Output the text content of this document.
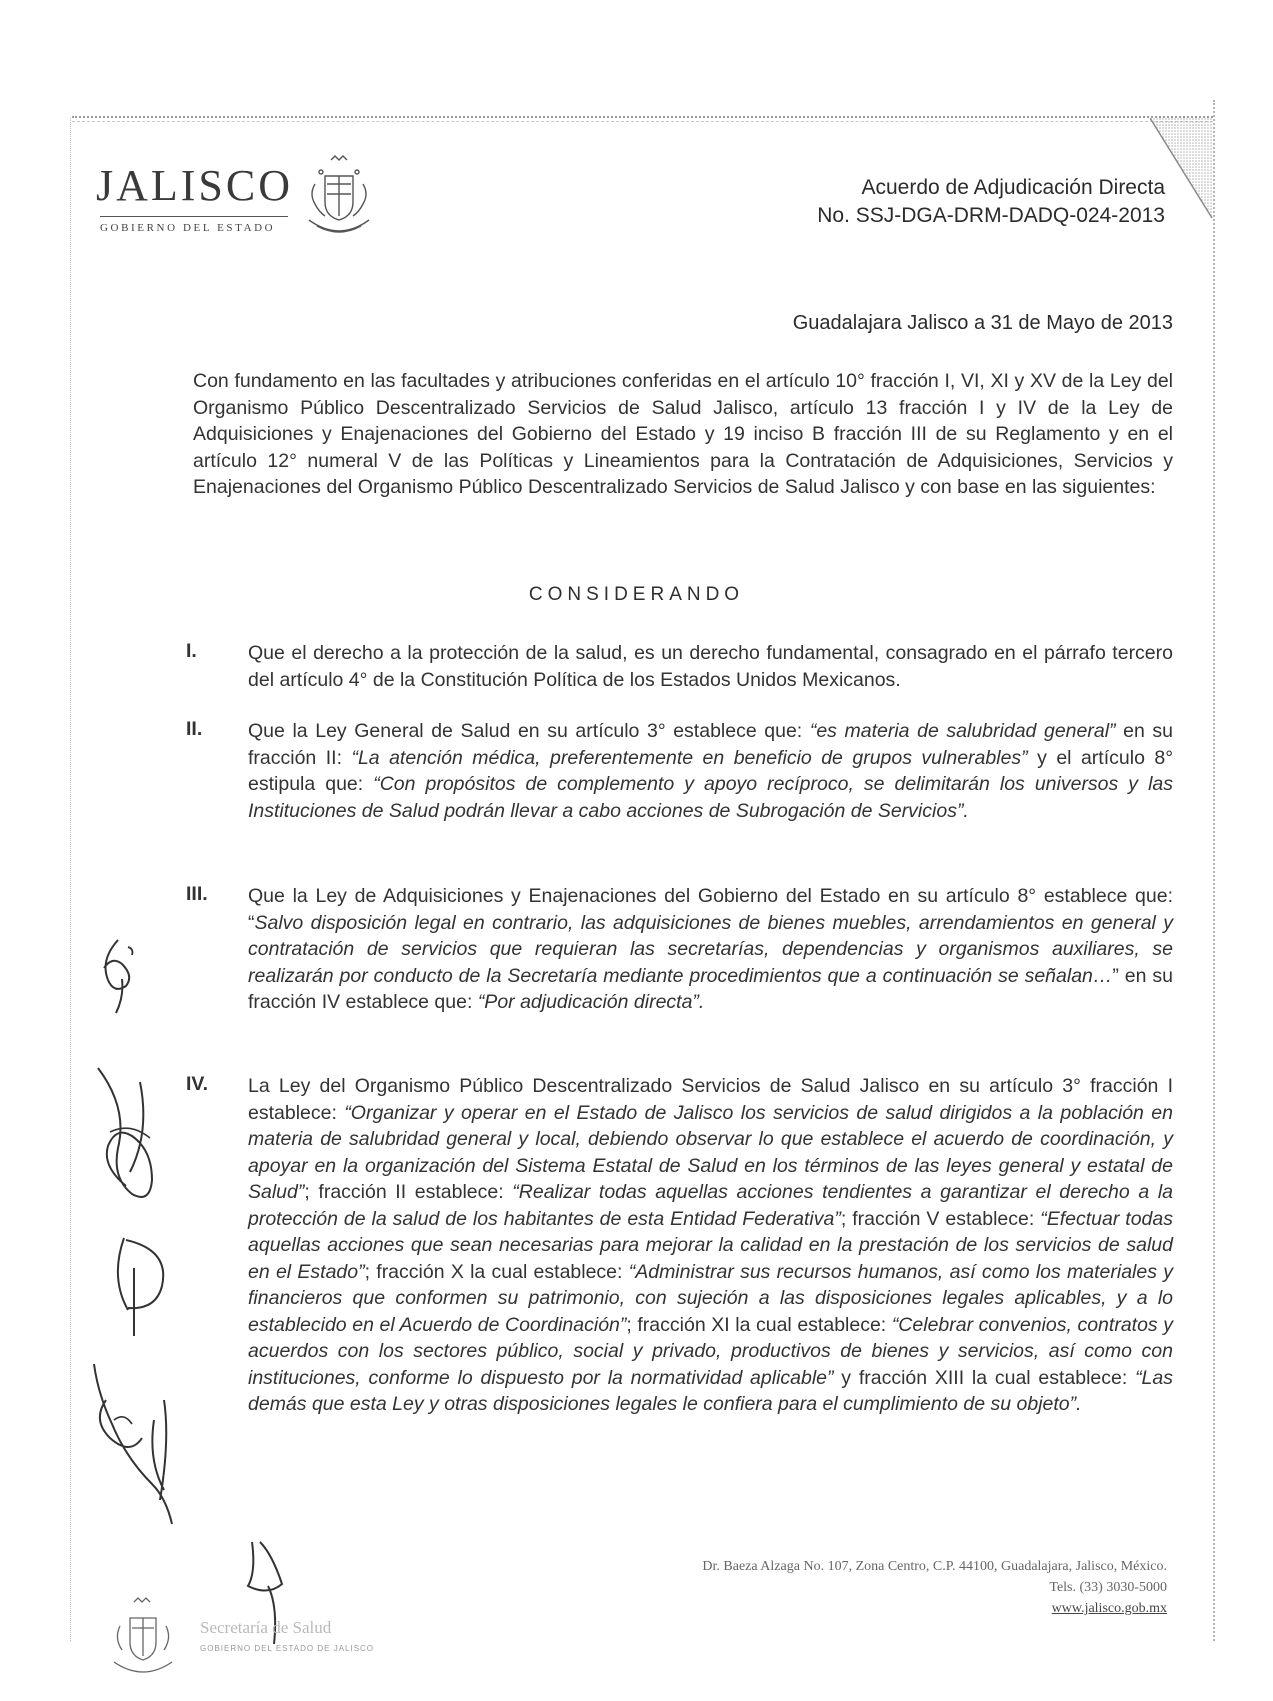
JALISCO
GOBIERNO DEL ESTADO
Acuerdo de Adjudicación Directa
No. SSJ-DGA-DRM-DADQ-024-2013
Guadalajara Jalisco a 31 de Mayo de 2013
Con fundamento en las facultades y atribuciones conferidas en el artículo 10° fracción I, VI, XI y XV de la Ley del Organismo Público Descentralizado Servicios de Salud Jalisco, artículo 13 fracción I y IV de la Ley de Adquisiciones y Enajenaciones del Gobierno del Estado y 19 inciso B fracción III de su Reglamento y en el artículo 12° numeral V de las Políticas y Lineamientos para la Contratación de Adquisiciones, Servicios y Enajenaciones del Organismo Público Descentralizado Servicios de Salud Jalisco y con base en las siguientes:
CONSIDERANDO
I.	Que el derecho a la protección de la salud, es un derecho fundamental, consagrado en el párrafo tercero del artículo 4° de la Constitución Política de los Estados Unidos Mexicanos.
II. Que la Ley General de Salud en su artículo 3° establece que: “es materia de salubridad general” en su fracción II: “La atención médica, preferentemente en beneficio de grupos vulnerables” y el artículo 8° estipula que: “Con propósitos de complemento y apoyo recíproco, se delimitarán los universos y las Instituciones de Salud podrán llevar a cabo acciones de Subrogación de Servicios”.
III. Que la Ley de Adquisiciones y Enajenaciones del Gobierno del Estado en su artículo 8° establece que: “Salvo disposición legal en contrario, las adquisiciones de bienes muebles, arrendamientos en general y contratación de servicios que requieran las secretarías, dependencias y organismos auxiliares, se realizarán por conducto de la Secretaría mediante procedimientos que a continuación se señalan…” en su fracción IV establece que: “Por adjudicación directa”.
IV. La Ley del Organismo Público Descentralizado Servicios de Salud Jalisco en su artículo 3° fracción I establece: “Organizar y operar en el Estado de Jalisco los servicios de salud dirigidos a la población en materia de salubridad general y local, debiendo observar lo que establece el acuerdo de coordinación, y apoyar en la organización del Sistema Estatal de Salud en los términos de las leyes general y estatal de Salud”; fracción II establece: “Realizar todas aquellas acciones tendientes a garantizar el derecho a la protección de la salud de los habitantes de esta Entidad Federativa”; fracción V establece: “Efectuar todas aquellas acciones que sean necesarias para mejorar la calidad en la prestación de los servicios de salud en el Estado”; fracción X la cual establece: “Administrar sus recursos humanos, así como los materiales y financieros que conformen su patrimonio, con sujeción a las disposiciones legales aplicables, y a lo establecido en el Acuerdo de Coordinación”; fracción XI la cual establece: “Celebrar convenios, contratos y acuerdos con los sectores público, social y privado, productivos de bienes y servicios, así como con instituciones, conforme lo dispuesto por la normatividad aplicable” y fracción XIII la cual establece: “Las demás que esta Ley y otras disposiciones legales le confiera para el cumplimiento de su objeto”.
Dr. Baeza Alzaga No. 107, Zona Centro, C.P. 44100, Guadalajara, Jalisco, México.
Tels. (33) 3030-5000
www.jalisco.gob.mx
Secretaría de Salud
GOBIERNO DEL ESTADO DE JALISCO
